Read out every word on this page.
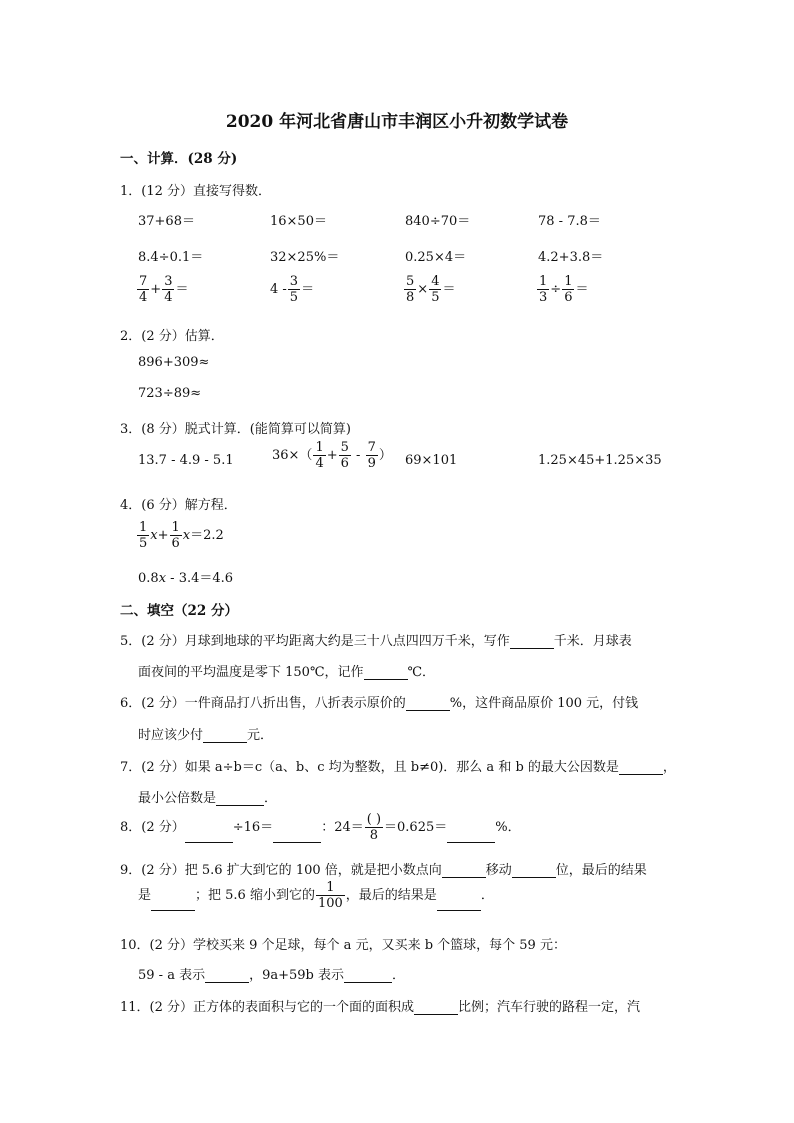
2020 年河北省唐山市丰润区小升初数学试卷
一、计算．(28 分)
1．(12 分）直接写得数．
37+68＝	16×50＝	840÷70＝	78 - 7.8＝
8.4÷0.1＝	32×25%＝	0.25×4＝	4.2+3.8＝
$\frac{7}{4} + \frac{3}{4}$ ＝	$4 - \frac{3}{5}$ ＝	$\frac{5}{8} \times \frac{4}{5}$ ＝	$\frac{1}{3} \div \frac{1}{6}$ ＝
2．(2 分）估算．
896+309≈
723÷89≈
3．(8 分）脱式计算．(能简算可以简算)
13.7 - 4.9 - 5.1	$36\times( \frac{1}{4} + \frac{5}{6} - \frac{7}{9}$ ） 69×101	1.25×45+1.25×35
4．(6 分）解方程．
$\frac{1}{5} x+ \frac{1}{6} x=2.2$
0.8x - 3.4＝4.6
二、填空（22 分）
5．(2 分）月球到地球的平均距离大约是三十八点四四万千米，写作	千米．月球表
面夜间的平均温度是零下 150℃，记作	℃．
6．(2 分）一件商品打八折出售，八折表示原价的	%，这件商品原价 100 元，付钱
时应该少付	元．
7．(2 分）如果 a÷b＝c（a、b、c 均为整数，且 b≠0)．那么 a 和 b 的最大公因数是	，
最小公倍数是	．
8．(2 分）	÷16＝	：$24= \frac{( )}{8} =0.625=$	%．
9．(2 分）把 5.6 扩大到它的 100 倍，就是把小数点向	移动	位，最后的结果
是	；把 5.6 缩小到它的 $\frac{1}{100}$ ，最后的结果是	．
10．(2 分）学校买来 9 个足球，每个 a 元，又买来 b 个篮球，每个 59 元：
59 - a 表示	，9a+59b 表示	．
11．(2 分）正方体的表面积与它的一个面的面积成	比例；汽车行驶的路程一定，汽
